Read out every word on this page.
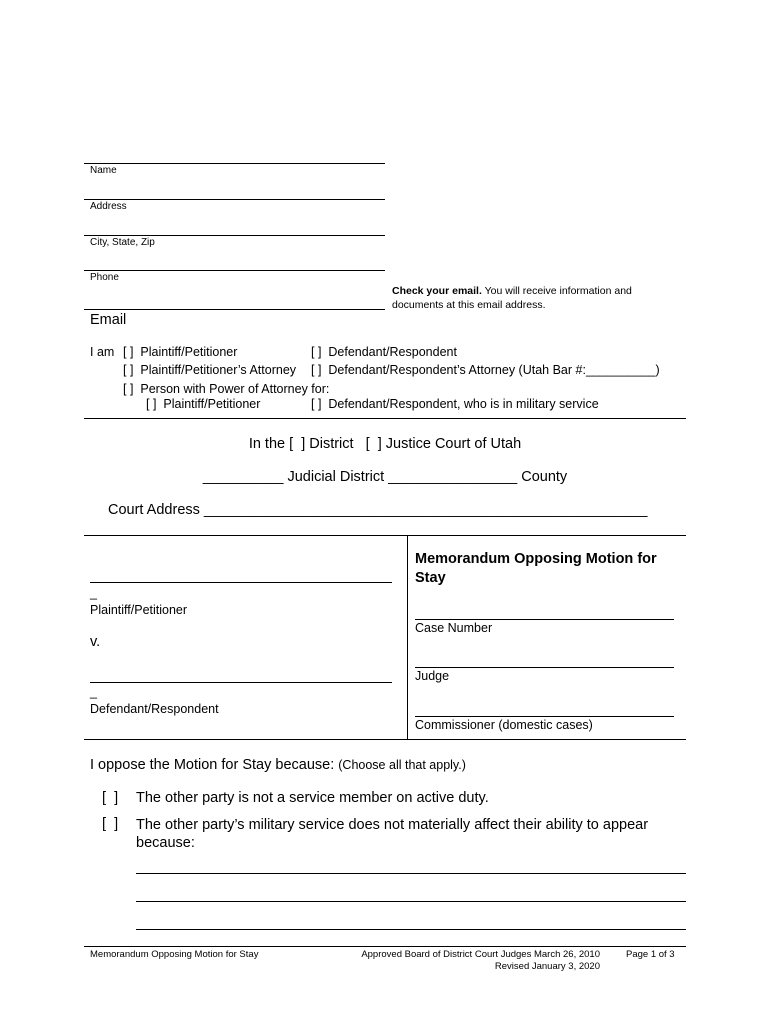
Name
Address
City, State, Zip
Phone
Check your email. You will receive information and documents at this email address.
Email
I am [ ] Plaintiff/Petitioner	[ ] Defendant/Respondent
[ ] Plaintiff/Petitioner’s Attorney [ ] Defendant/Respondent’s Attorney (Utah Bar #:__________)
[ ] Person with Power of Attorney for:
[ ] Plaintiff/Petitioner	[ ] Defendant/Respondent, who is in military service
In the [  ] District   [  ] Justice Court of Utah
__________ Judicial District ________________ County
Court Address _______________________________________________________
_
Plaintiff/Petitioner
v.
_
Defendant/Respondent
Memorandum Opposing Motion for Stay
Case Number
Judge
Commissioner (domestic cases)
I oppose the Motion for Stay because: (Choose all that apply.)
[  ] The other party is not a service member on active duty.
[  ] The other party’s military service does not materially affect their ability to appear because:
Memorandum Opposing Motion for Stay	Approved Board of District Court Judges March 26, 2010
Revised January 3, 2020
Page 1 of 3
